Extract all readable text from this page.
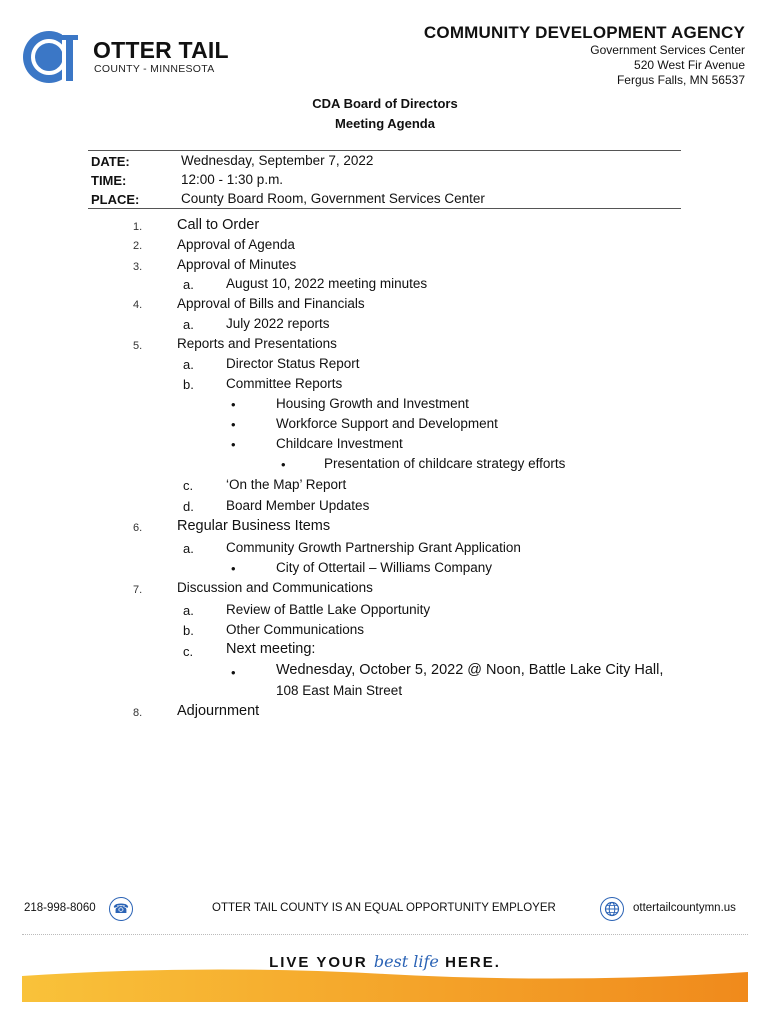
OTTER TAIL
COUNTY - MINNESOTA
COMMUNITY DEVELOPMENT AGENCY
Government Services Center
520 West Fir Avenue
Fergus Falls, MN 56537
CDA Board of Directors
Meeting Agenda
DATE:	Wednesday, September 7, 2022
TIME:	12:00 - 1:30 p.m.
PLACE:	County Board Room, Government Services Center
1. Call to Order
2.	Approval of Agenda
3.	Approval of Minutes
a. August 10, 2022 meeting minutes
4.	Approval of Bills and Financials
a. July 2022 reports
5.	Reports and Presentations
a. Director Status Report
b. Committee Reports
•	Housing Growth and Investment
•	Workforce Support and Development
•	Childcare Investment
•	Presentation of childcare strategy efforts
c. ‘On the Map’ Report
d. Board Member Updates
6. Regular Business Items
a. Community Growth Partnership Grant Application
•	City of Ottertail – Williams Company
7.	Discussion and Communications
a. Review of Battle Lake Opportunity
b. Other Communications
c. Next meeting:
•	Wednesday, October 5, 2022 @ Noon, Battle Lake City Hall,
108 East Main Street
8. Adjournment
218-998-8060 ☎	OTTER TAIL COUNTY IS AN EQUAL OPPORTUNITY EMPLOYER	ottertailcountymn.us
LIVE YOUR best life HERE.
